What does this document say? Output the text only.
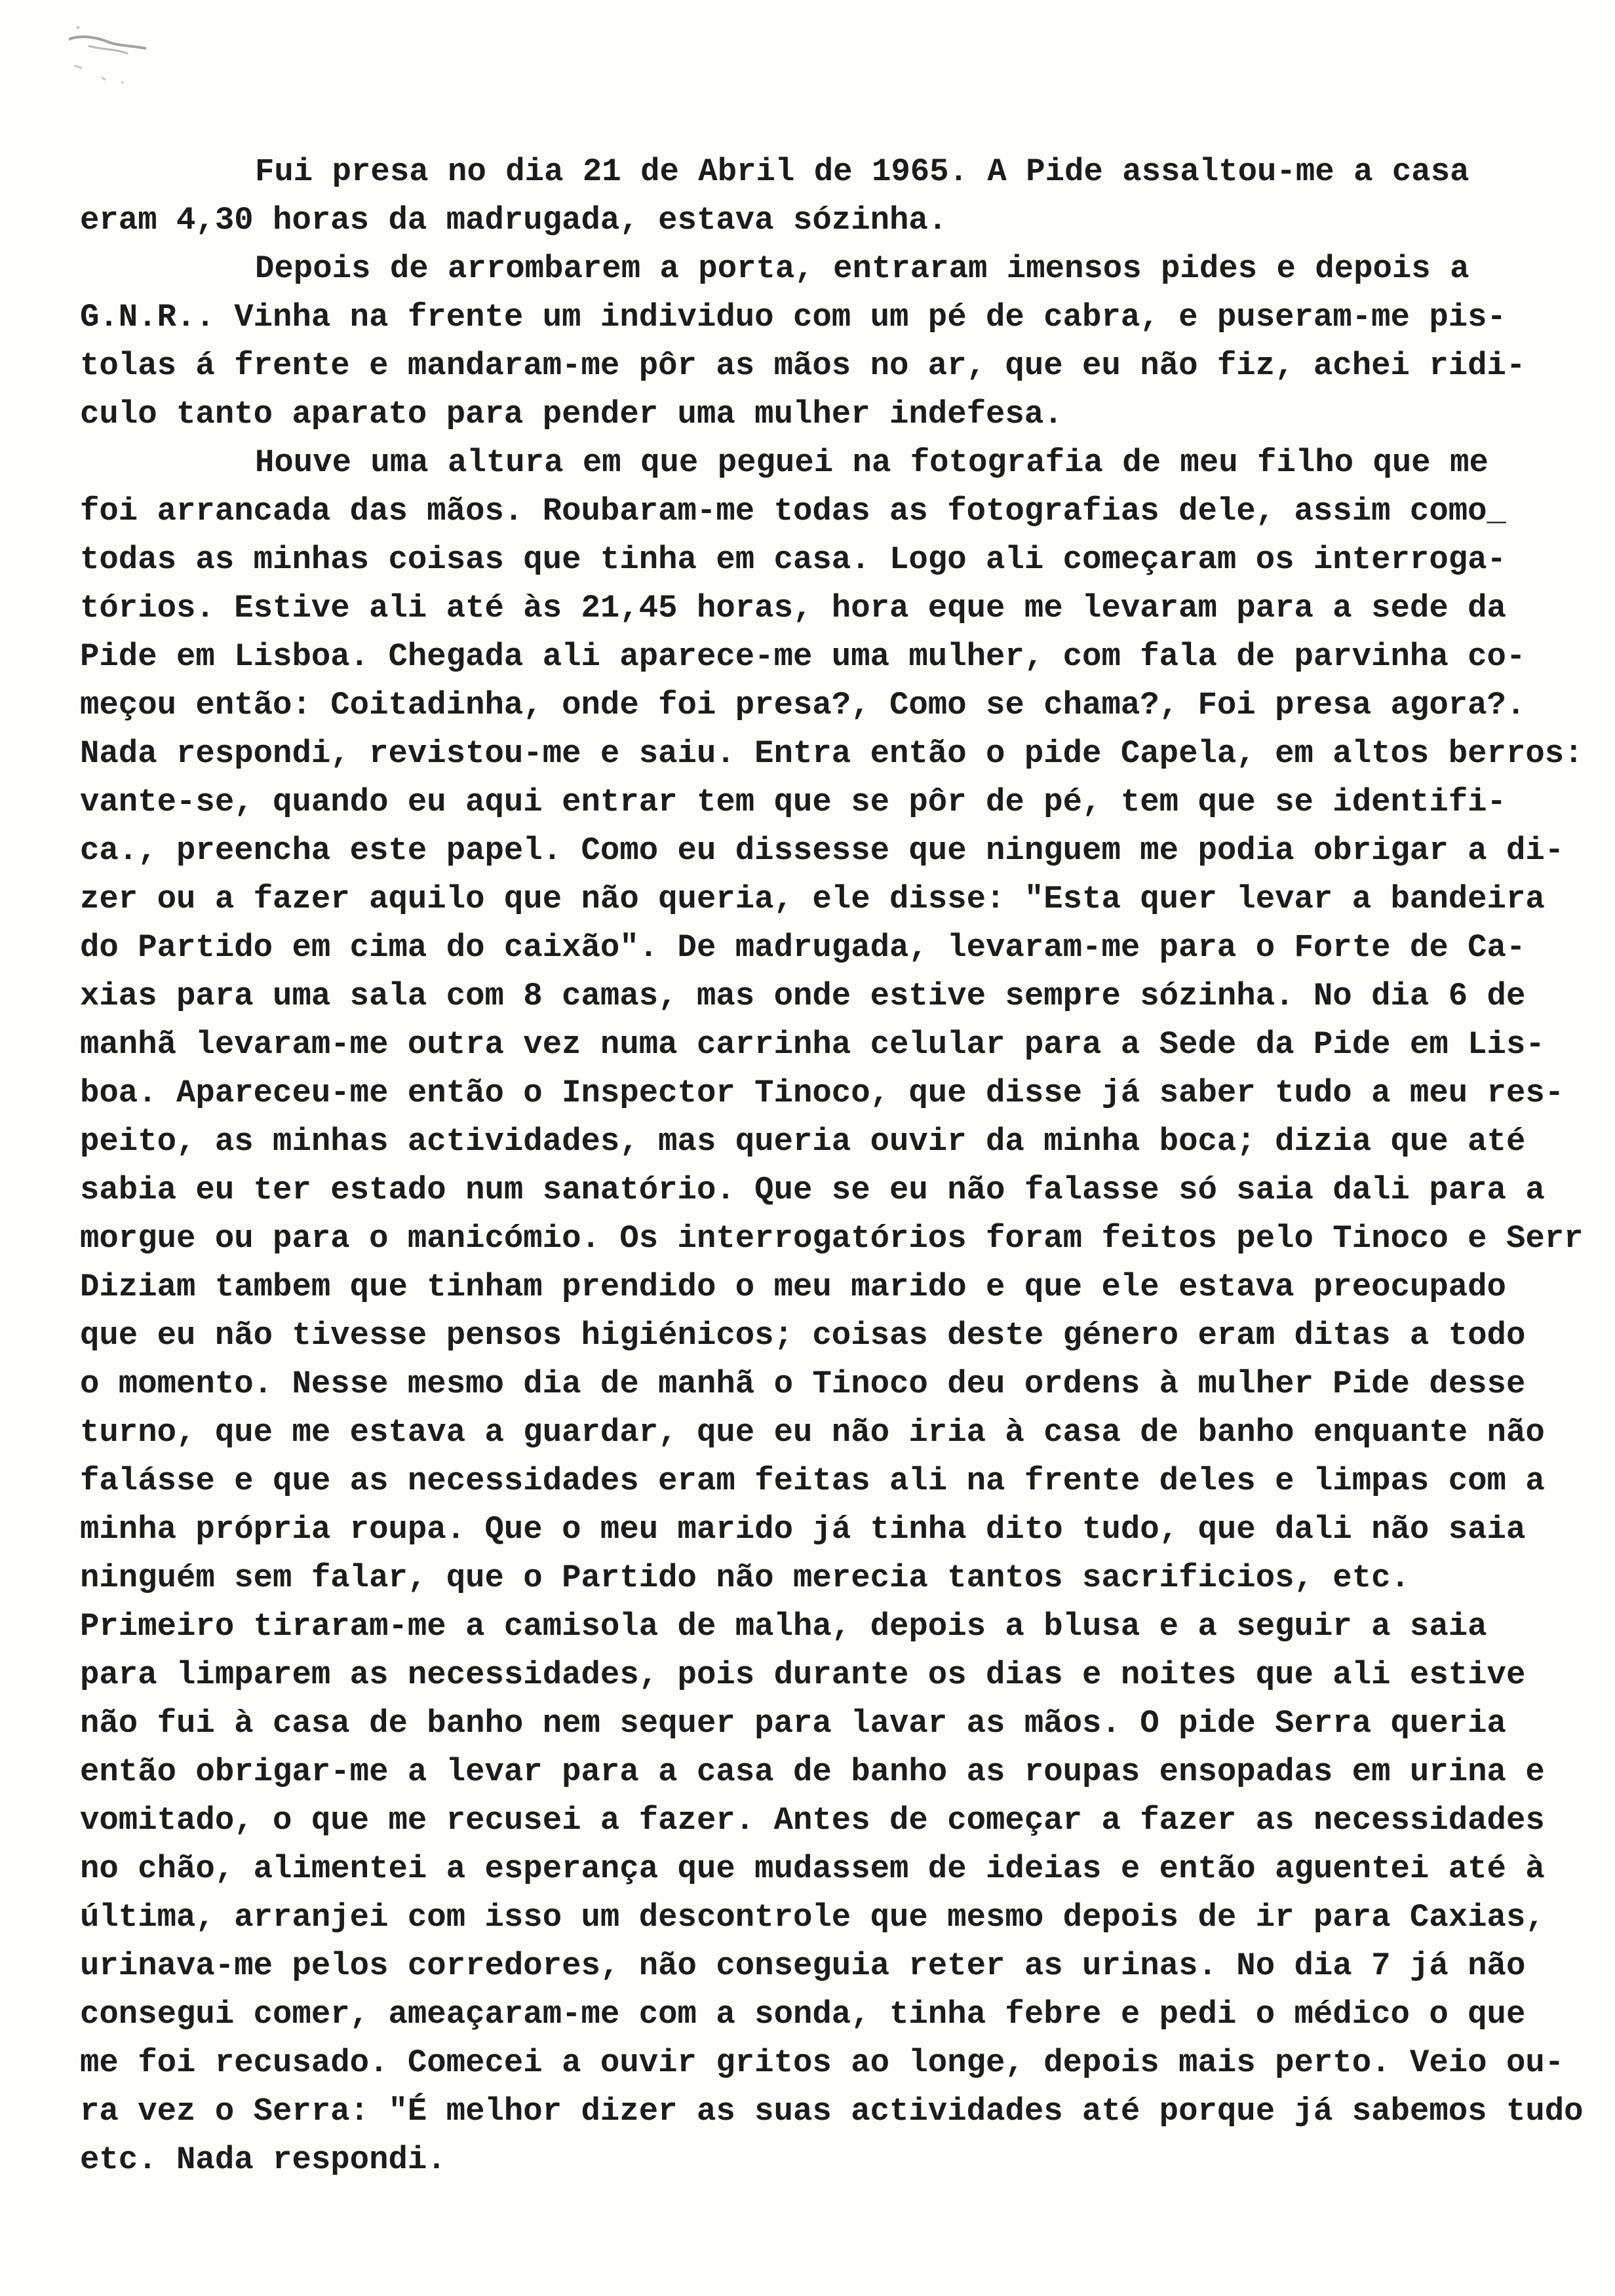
Fui presa no dia 21 de Abril de 1965. A Pide assaltou-me a casa
eram 4,30 horas da madrugada, estava sózinha.
Depois de arrombarem a porta, entraram imensos pides e depois a
G.N.R.. Vinha na frente um individuo com um pé de cabra, e puseram-me pis-
tolas á frente e mandaram-me pôr as mãos no ar, que eu não fiz, achei ridi-
culo tanto aparato para pender uma mulher indefesa.
Houve uma altura em que peguei na fotografia de meu filho que me
foi arrancada das mãos. Roubaram-me todas as fotografias dele, assim como_
todas as minhas coisas que tinha em casa. Logo ali começaram os interroga-
tórios. Estive ali até às 21,45 horas, hora eque me levaram para a sede da
Pide em Lisboa. Chegada ali aparece-me uma mulher, com fala de parvinha co-
meçou então: Coitadinha, onde foi presa?, Como se chama?, Foi presa agora?.
Nada respondi, revistou-me e saiu. Entra então o pide Capela, em altos berros:
vante-se, quando eu aqui entrar tem que se pôr de pé, tem que se identifi-
ca., preencha este papel. Como eu dissesse que ninguem me podia obrigar a di-
zer ou a fazer aquilo que não queria, ele disse: "Esta quer levar a bandeira
do Partido em cima do caixão". De madrugada, levaram-me para o Forte de Ca-
xias para uma sala com 8 camas, mas onde estive sempre sózinha. No dia 6 de
manhã levaram-me outra vez numa carrinha celular para a Sede da Pide em Lis-
boa. Apareceu-me então o Inspector Tinoco, que disse já saber tudo a meu res-
peito, as minhas actividades, mas queria ouvir da minha boca; dizia que até
sabia eu ter estado num sanatório. Que se eu não falasse só saia dali para a
morgue ou para o manicómio. Os interrogatórios foram feitos pelo Tinoco e Serr
Diziam tambem que tinham prendido o meu marido e que ele estava preocupado
que eu não tivesse pensos higiénicos; coisas deste género eram ditas a todo
o momento. Nesse mesmo dia de manhã o Tinoco deu ordens à mulher Pide desse
turno, que me estava a guardar, que eu não iria à casa de banho enquante não
falásse e que as necessidades eram feitas ali na frente deles e limpas com a
minha própria roupa. Que o meu marido já tinha dito tudo, que dali não saia
ninguém sem falar, que o Partido não merecia tantos sacrificios, etc.
Primeiro tiraram-me a camisola de malha, depois a blusa e a seguir a saia
para limparem as necessidades, pois durante os dias e noites que ali estive
não fui à casa de banho nem sequer para lavar as mãos. O pide Serra queria
então obrigar-me a levar para a casa de banho as roupas ensopadas em urina e
vomitado, o que me recusei a fazer. Antes de começar a fazer as necessidades
no chão, alimentei a esperança que mudassem de ideias e então aguentei até à
última, arranjei com isso um descontrole que mesmo depois de ir para Caxias,
urinava-me pelos corredores, não conseguia reter as urinas. No dia 7 já não
consegui comer, ameaçaram-me com a sonda, tinha febre e pedi o médico o que
me foi recusado. Comecei a ouvir gritos ao longe, depois mais perto. Veio ou-
ra vez o Serra: "É melhor dizer as suas actividades até porque já sabemos tudo
etc. Nada respondi.
